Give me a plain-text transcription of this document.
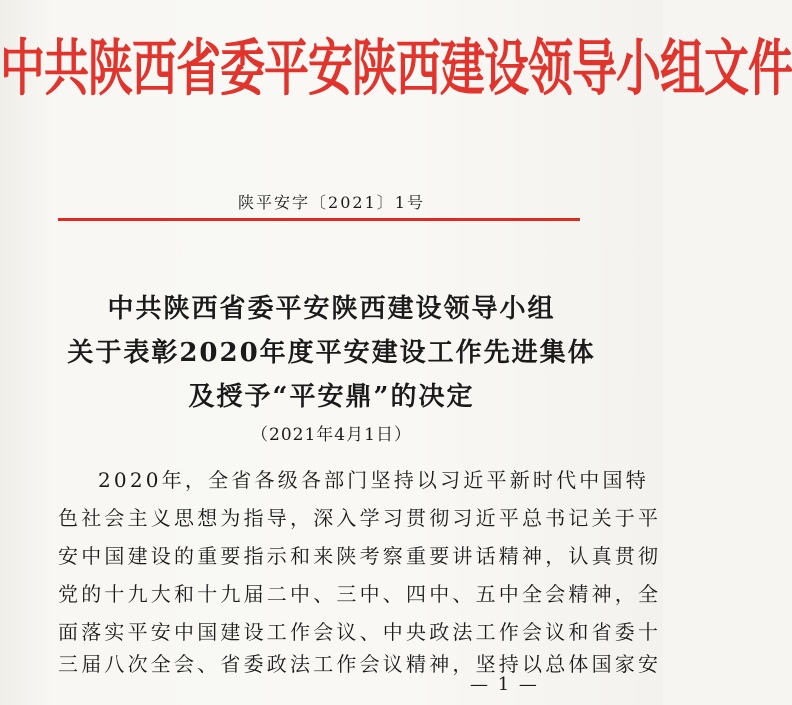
中共陕西省委平安陕西建设领导小组文件
陕平安字〔2021〕1号
中共陕西省委平安陕西建设领导小组
关于表彰2020年度平安建设工作先进集体
及授予“平安鼎”的决定
（2021年4月1日）
2020年，全省各级各部门坚持以习近平新时代中国特
色社会主义思想为指导，深入学习贯彻习近平总书记关于平
安中国建设的重要指示和来陕考察重要讲话精神，认真贯彻
党的十九大和十九届二中、三中、四中、五中全会精神，全
面落实平安中国建设工作会议、中央政法工作会议和省委十
三届八次全会、省委政法工作会议精神，坚持以总体国家安
— 1 —
